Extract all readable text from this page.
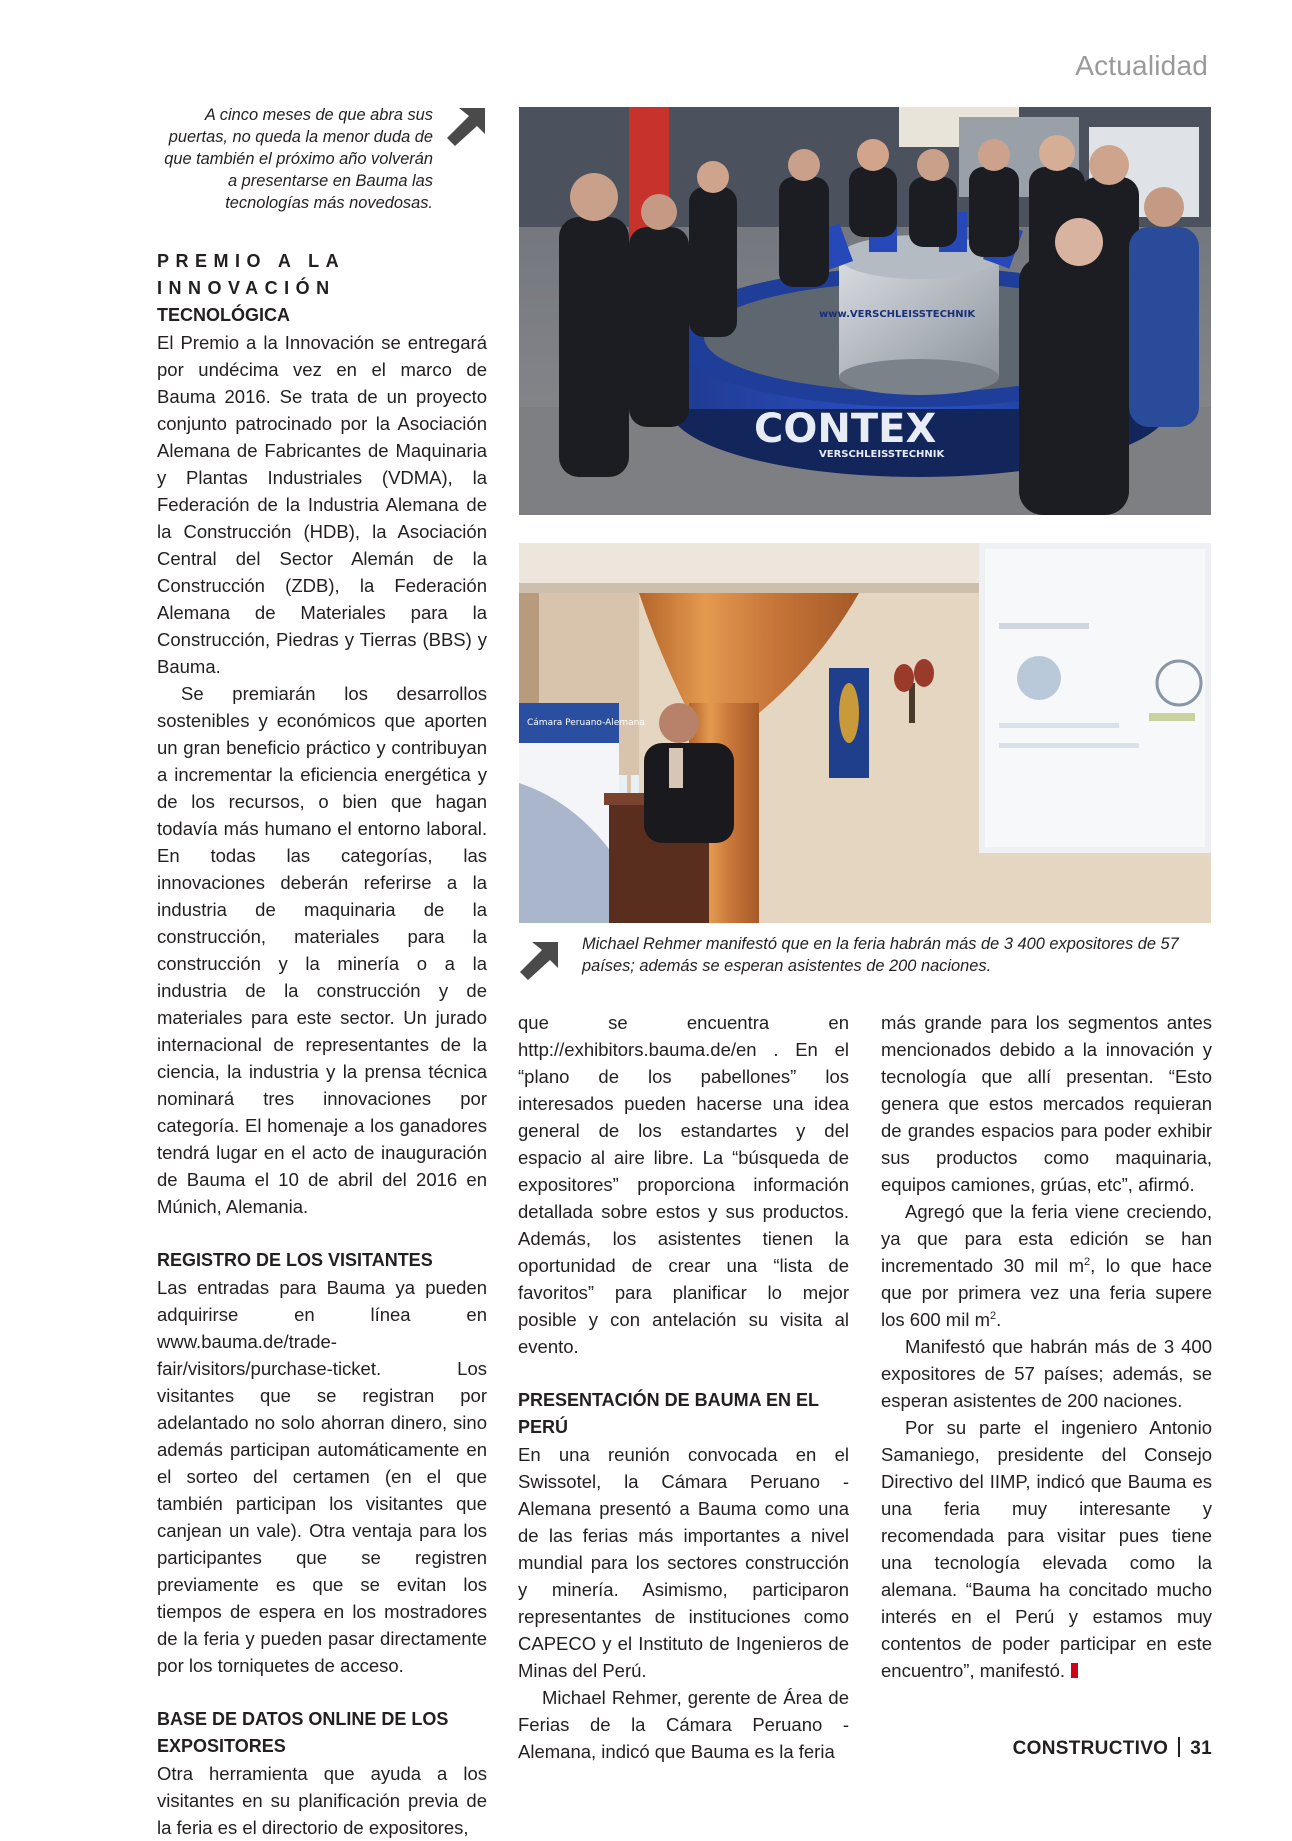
Actualidad
A cinco meses de que abra sus puertas, no queda la menor duda de que también el próximo año volverán a presentarse en Bauma las tecnologías más novedosas.
CONTEX
VERSCHLEISSTECHNIK
www.VERSCHLEISSTECHNIK
Cámara Peruano-Alemana
Michael Rehmer manifestó que en la feria habrán más de 3 400 expositores de 57 países; además se esperan asistentes de 200 naciones.
PREMIO A LA INNOVACIÓN
TECNOLÓGICA

El Premio a la Innovación se entregará por undécima vez en el marco de Bauma 2016. Se trata de un proyecto conjunto patrocinado por la Asociación Alemana de Fabricantes de Maquinaria y Plantas Industriales (VDMA), la Federación de la Industria Alemana de la Construcción (HDB), la Asociación Central del Sector Alemán de la Construcción (ZDB), la Federación Alemana de Materiales para la Construcción, Piedras y Tierras (BBS) y Bauma.

Se premiarán los desarrollos sostenibles y económicos que aporten un gran beneficio práctico y contribuyan a incrementar la eficiencia energética y de los recursos, o bien que hagan todavía más humano el entorno laboral. En todas las categorías, las innovaciones deberán referirse a la industria de maquinaria de la construcción, materiales para la construcción y la minería o a la industria de la construcción y de materiales para este sector. Un jurado internacional de representantes de la ciencia, la industria y la prensa técnica nominará tres innovaciones por categoría. El homenaje a los ganadores tendrá lugar en el acto de inauguración de Bauma el 10 de abril del 2016 en Múnich, Alemania.

REGISTRO DE LOS VISITANTES

Las entradas para Bauma ya pueden adquirirse en línea en www.bauma.de/trade-fair/visitors/purchase-ticket. Los visitantes que se registran por adelantado no solo ahorran dinero, sino además participan automáticamente en el sorteo del certamen (en el que también participan los visitantes que canjean un vale). Otra ventaja para los participantes que se registren previamente es que se evitan los tiempos de espera en los mostradores de la feria y pueden pasar directamente por los torniquetes de acceso.

BASE DE DATOS ONLINE DE LOS EXPOSITORES

Otra herramienta que ayuda a los visitantes en su planificación previa de la feria es el directorio de expositores,

que se encuentra en http://exhibitors.bauma.de/en . En el “plano de los pabellones” los interesados pueden hacerse una idea general de los estandartes y del espacio al aire libre. La “búsqueda de expositores” proporciona información detallada sobre estos y sus productos. Además, los asistentes tienen la oportunidad de crear una “lista de favoritos” para planificar lo mejor posible y con antelación su visita al evento.

PRESENTACIÓN DE BAUMA EN EL PERÚ

En una reunión convocada en el Swissotel, la Cámara Peruano - Alemana presentó a Bauma como una de las ferias más importantes a nivel mundial para los sectores construcción y minería. Asimismo, participaron representantes de instituciones como CAPECO y el Instituto de Ingenieros de Minas del Perú.

Michael Rehmer, gerente de Área de Ferias de la Cámara Peruano - Alemana, indicó que Bauma es la feria

más grande para los segmentos antes mencionados debido a la innovación y tecnología que allí presentan. “Esto genera que estos mercados requieran de grandes espacios para poder exhibir sus productos como maquinaria, equipos camiones, grúas, etc”, afirmó.

Agregó que la feria viene creciendo, ya que para esta edición se han incrementado 30 mil $m^2$, lo que hace que por primera vez una feria supere los 600 mil $m^2$.

Manifestó que habrán más de 3 400 expositores de 57 países; además, se esperan asistentes de 200 naciones.

Por su parte el ingeniero Antonio Samaniego, presidente del Consejo Directivo del IIMP, indicó que Bauma es una feria muy interesante y recomendada para visitar pues tiene una tecnología elevada como la alemana. “Bauma ha concitado mucho interés en el Perú y estamos muy contentos de poder participar en este encuentro”, manifestó.

CONSTRUCTIVO 31
